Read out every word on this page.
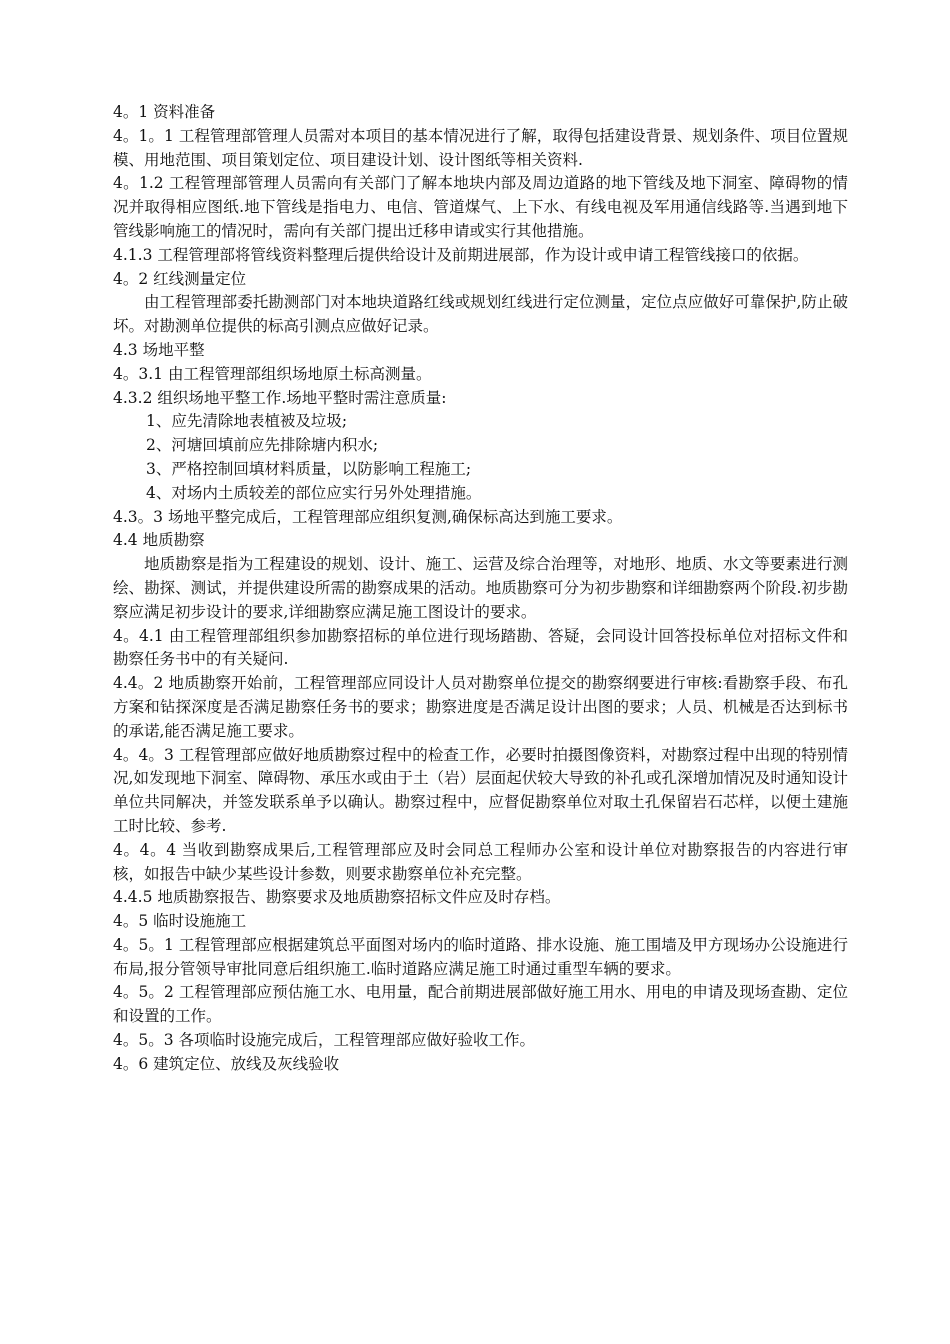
4。1 资料准备

4。1。1 工程管理部管理人员需对本项目的基本情况进行了解，取得包括建设背景、规划条件、项目位置规模、用地范围、项目策划定位、项目建设计划、设计图纸等相关资料.

4。1.2 工程管理部管理人员需向有关部门了解本地块内部及周边道路的地下管线及地下洞室、障碍物的情况并取得相应图纸.地下管线是指电力、电信、管道煤气、上下水、有线电视及军用通信线路等.当遇到地下管线影响施工的情况时，需向有关部门提出迁移申请或实行其他措施。

4.1.3 工程管理部将管线资料整理后提供给设计及前期进展部，作为设计或申请工程管线接口的依据。

4。2 红线测量定位

由工程管理部委托勘测部门对本地块道路红线或规划红线进行定位测量，定位点应做好可靠保护,防止破坏。对勘测单位提供的标高引测点应做好记录。

4.3 场地平整

4。3.1 由工程管理部组织场地原土标高测量。

4.3.2 组织场地平整工作.场地平整时需注意质量:

1、应先清除地表植被及垃圾;

2、河塘回填前应先排除塘内积水;

3、严格控制回填材料质量，以防影响工程施工;

4、对场内土质较差的部位应实行另外处理措施。

4.3。3 场地平整完成后，工程管理部应组织复测,确保标高达到施工要求。

4.4 地质勘察

地质勘察是指为工程建设的规划、设计、施工、运营及综合治理等，对地形、地质、水文等要素进行测绘、勘探、测试，并提供建设所需的勘察成果的活动。地质勘察可分为初步勘察和详细勘察两个阶段.初步勘察应满足初步设计的要求,详细勘察应满足施工图设计的要求。

4。4.1 由工程管理部组织参加勘察招标的单位进行现场踏勘、答疑，会同设计回答投标单位对招标文件和勘察任务书中的有关疑问.

4.4。2 地质勘察开始前，工程管理部应同设计人员对勘察单位提交的勘察纲要进行审核:看勘察手段、布孔方案和钻探深度是否满足勘察任务书的要求；勘察进度是否满足设计出图的要求；人员、机械是否达到标书的承诺,能否满足施工要求。

4。4。3 工程管理部应做好地质勘察过程中的检查工作，必要时拍摄图像资料，对勘察过程中出现的特别情况,如发现地下洞室、障碍物、承压水或由于土（岩）层面起伏较大导致的补孔或孔深增加情况及时通知设计单位共同解决，并签发联系单予以确认。勘察过程中，应督促勘察单位对取土孔保留岩石芯样，以便土建施工时比较、参考.

4。4。4 当收到勘察成果后,工程管理部应及时会同总工程师办公室和设计单位对勘察报告的内容进行审核，如报告中缺少某些设计参数，则要求勘察单位补充完整。

4.4.5 地质勘察报告、勘察要求及地质勘察招标文件应及时存档。

4。5 临时设施施工

4。5。1 工程管理部应根据建筑总平面图对场内的临时道路、排水设施、施工围墙及甲方现场办公设施进行布局,报分管领导审批同意后组织施工.临时道路应满足施工时通过重型车辆的要求。

4。5。2 工程管理部应预估施工水、电用量，配合前期进展部做好施工用水、用电的申请及现场查勘、定位和设置的工作。

4。5。3 各项临时设施完成后，工程管理部应做好验收工作。

4。6 建筑定位、放线及灰线验收
